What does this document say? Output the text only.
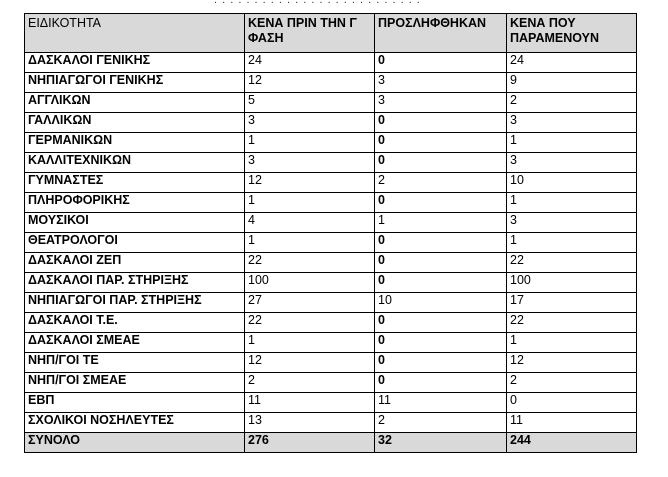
. . . . . . . . . . . . . . . . . . . . . . . . . .
ΕΙΔΙΚΟΤΗΤΑ	ΚΕΝΑ ΠΡΙΝ ΤΗΝ Γ ΦΑΣΗ	ΠΡΟΣΛΗΦΘΗΚΑΝ	ΚΕΝΑ ΠΟΥ ΠΑΡΑΜΕΝΟΥΝ
ΔΑΣΚΑΛΟΙ ΓΕΝΙΚΗΣ	24	0	24
ΝΗΠΙΑΓΩΓΟΙ ΓΕΝΙΚΗΣ	12	3	9
ΑΓΓΛΙΚΩΝ	5	3	2
ΓΑΛΛΙΚΩΝ	3	0	3
ΓΕΡΜΑΝΙΚΩΝ	1	0	1
ΚΑΛΛΙΤΕΧΝΙΚΩΝ	3	0	3
ΓΥΜΝΑΣΤΕΣ	12	2	10
ΠΛΗΡΟΦΟΡΙΚΗΣ	1	0	1
ΜΟΥΣΙΚΟΙ	4	1	3
ΘΕΑΤΡΟΛΟΓΟΙ	1	0	1
ΔΑΣΚΑΛΟΙ ΖΕΠ	22	0	22
ΔΑΣΚΑΛΟΙ ΠΑΡ. ΣΤΗΡΙΞΗΣ	100	0	100
ΝΗΠΙΑΓΩΓΟΙ ΠΑΡ. ΣΤΗΡΙΞΗΣ	27	10	17
ΔΑΣΚΑΛΟΙ Τ.Ε.	22	0	22
ΔΑΣΚΑΛΟΙ ΣΜΕΑΕ	1	0	1
ΝΗΠ/ΓΟΙ ΤΕ	12	0	12
ΝΗΠ/ΓΟΙ ΣΜΕΑΕ	2	0	2
ΕΒΠ	11	11	0
ΣΧΟΛΙΚΟΙ ΝΟΣΗΛΕΥΤΕΣ	13	2	11
ΣΥΝΟΛΟ	276	32	244
